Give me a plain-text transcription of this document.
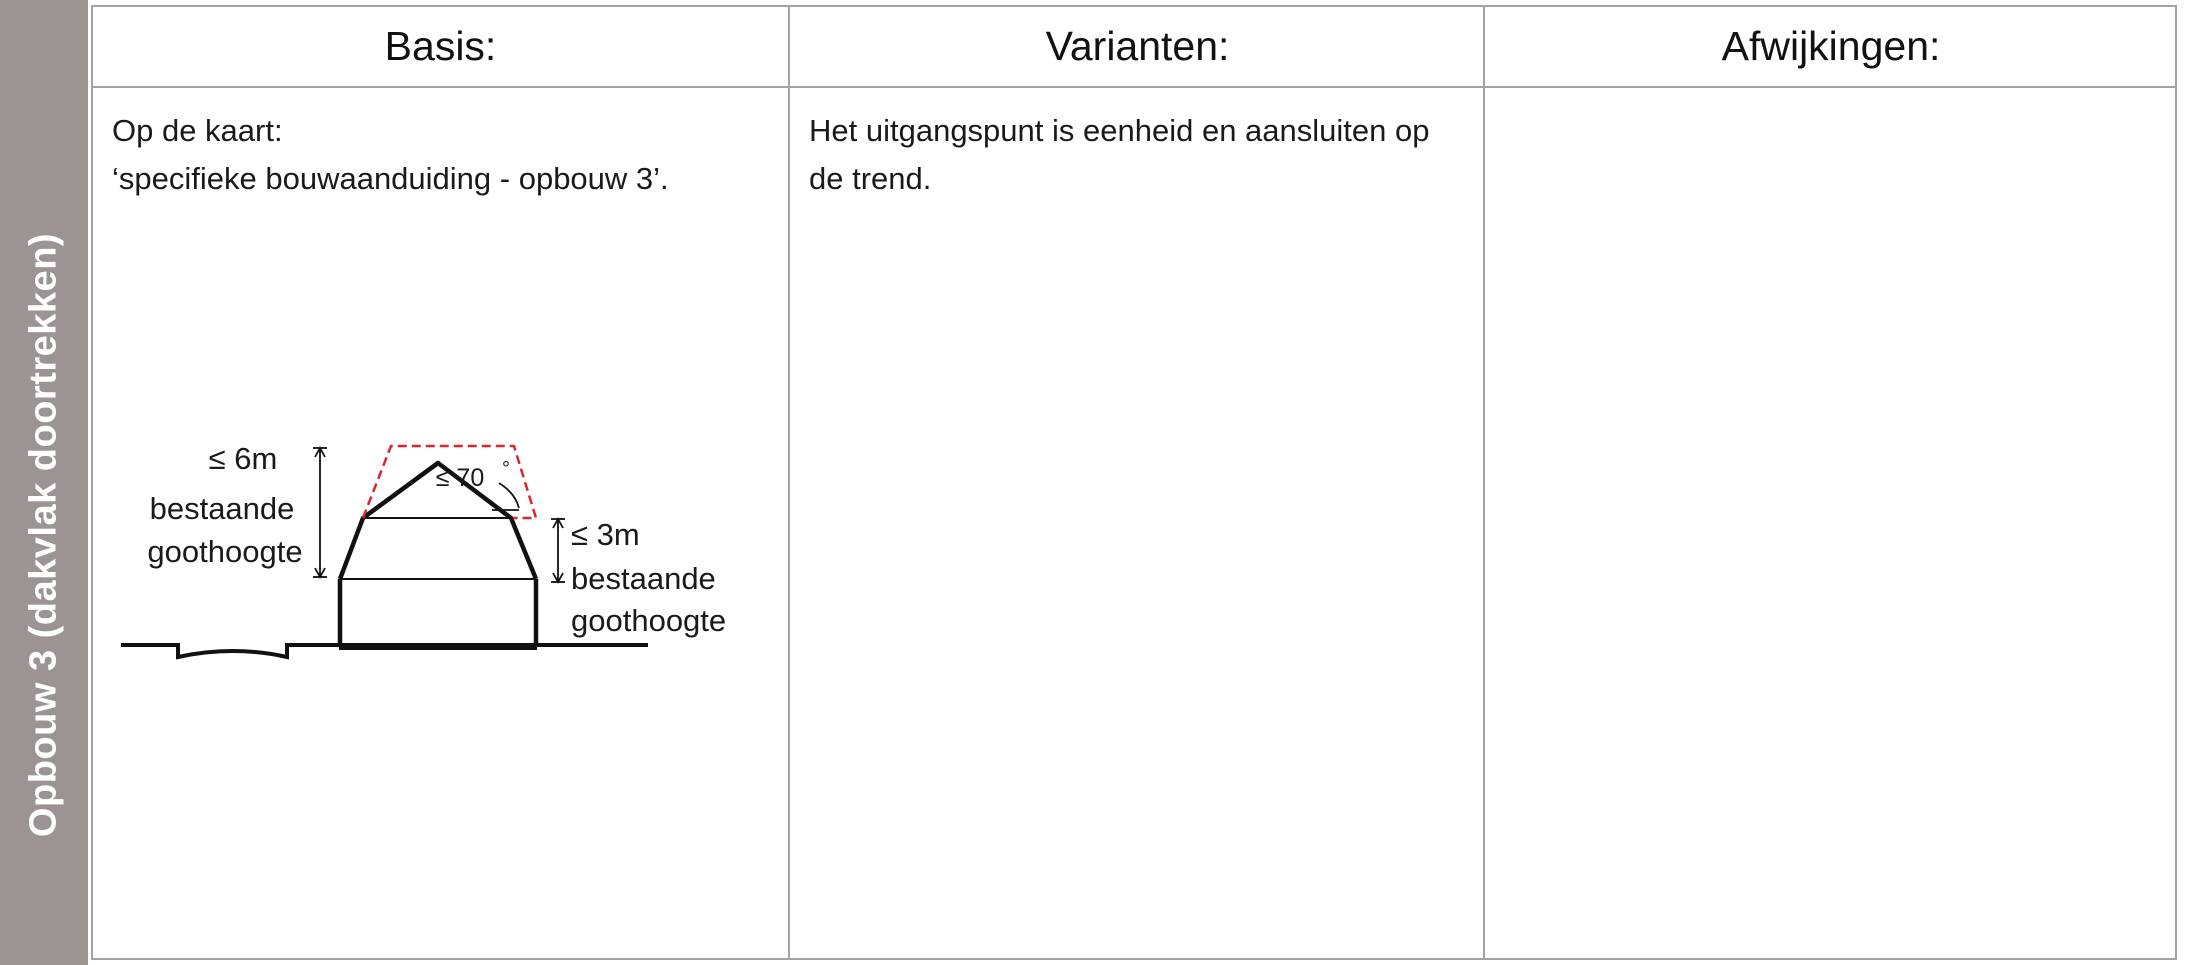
Opbouw 3 (dakvlak doortrekken)
Basis:

Op de kaart:

‘specifieke bouwaanduiding - opbouw 3’.

≤ 6m
bestaande
goothoogte
≤ 70 °
≤ 3m
bestaande
goothoogte
Varianten:
Het uitgangspunt is eenheid en aansluiten op de trend.
Afwijkingen:
